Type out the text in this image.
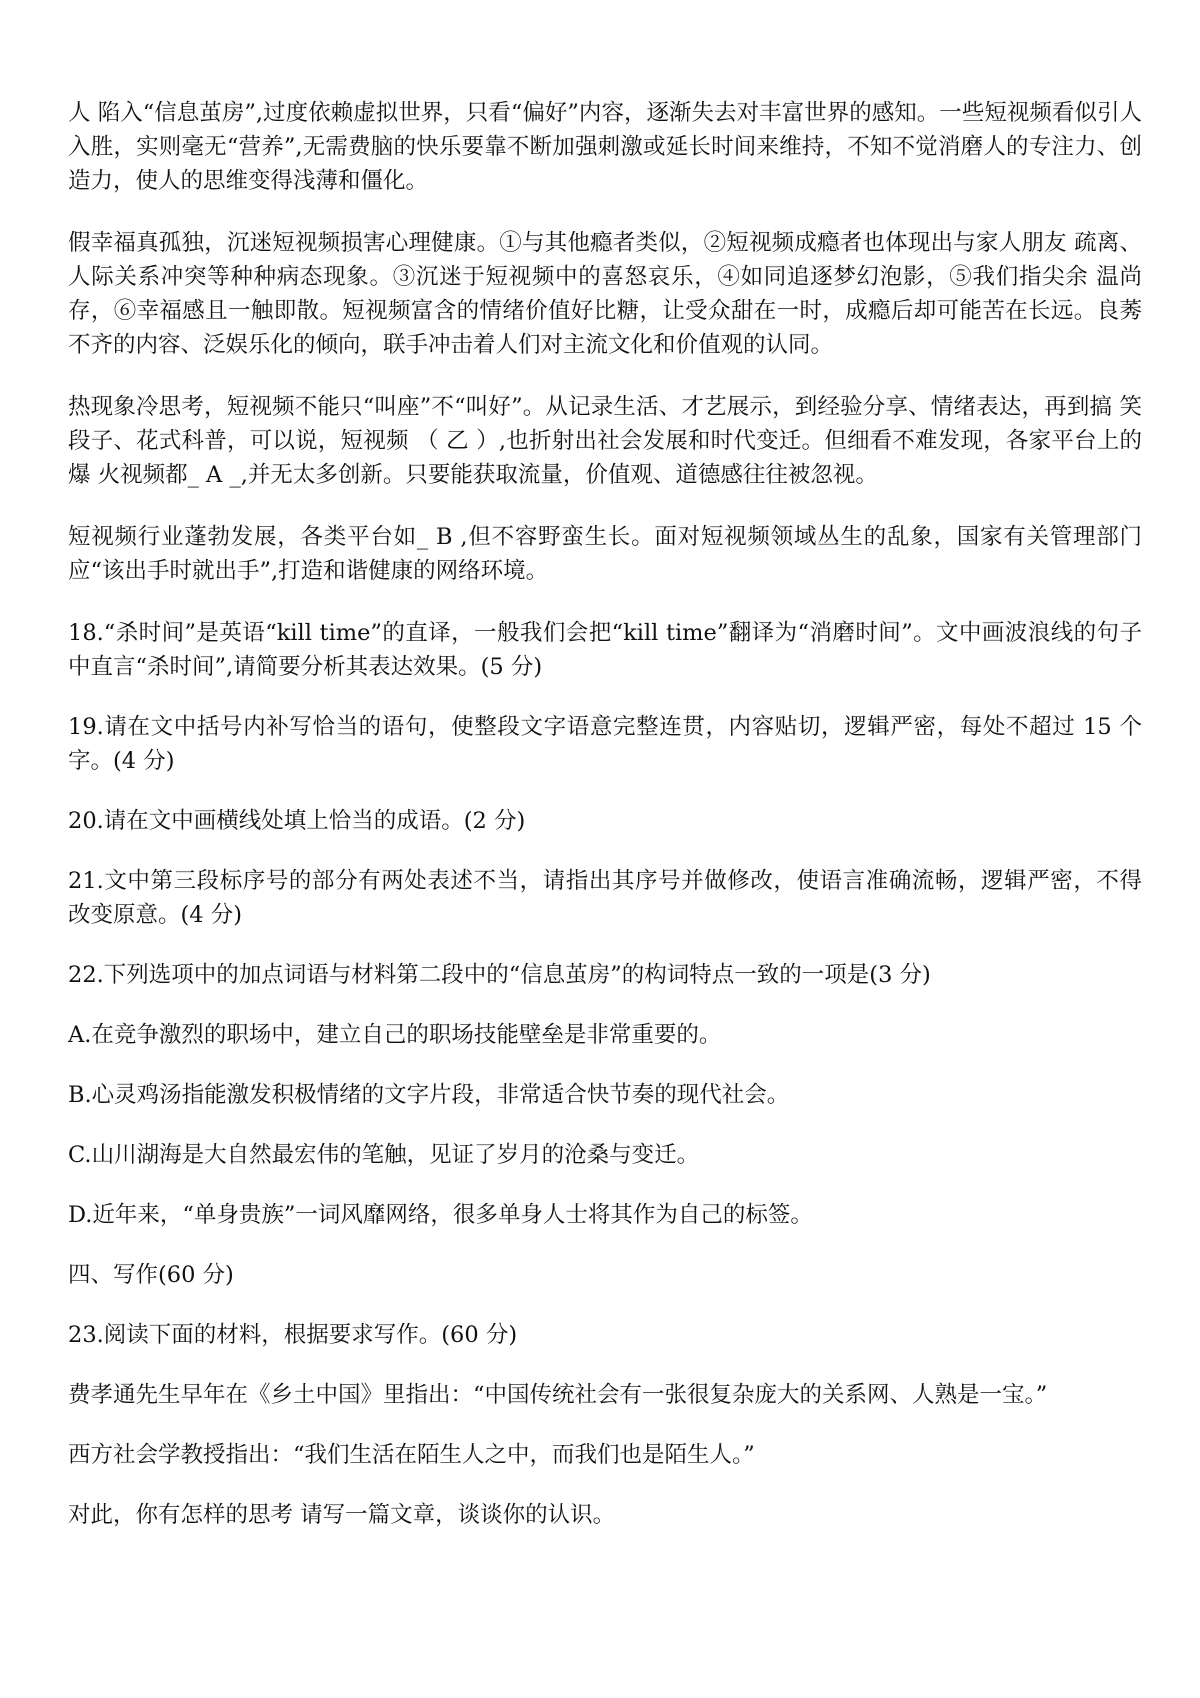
人 陷入“信息茧房”,过度依赖虚拟世界，只看“偏好”内容，逐渐失去对丰富世界的感知。一些短视频看似引人 入胜，实则毫无“营养”,无需费脑的快乐要靠不断加强刺激或延长时间来维持，不知不觉消磨人的专注力、创造力，使人的思维变得浅薄和僵化。

假幸福真孤独，沉迷短视频损害心理健康。①与其他瘾者类似，②短视频成瘾者也体现出与家人朋友 疏离、人际关系冲突等种种病态现象。③沉迷于短视频中的喜怒哀乐，④如同追逐梦幻泡影，⑤我们指尖余 温尚存，⑥幸福感且一触即散。短视频富含的情绪价值好比糖，让受众甜在一时，成瘾后却可能苦在长远。良莠不齐的内容、泛娱乐化的倾向，联手冲击着人们对主流文化和价值观的认同。

热现象冷思考，短视频不能只“叫座”不“叫好”。从记录生活、才艺展示，到经验分享、情绪表达，再到搞 笑段子、花式科普，可以说，短视频 （ 乙 ）,也折射出社会发展和时代变迁。但细看不难发现，各家平台上的爆 火视频都_ A _,并无太多创新。只要能获取流量，价值观、道德感往往被忽视。

短视频行业蓬勃发展，各类平台如_ B ,但不容野蛮生长。面对短视频领域丛生的乱象，国家有关管理部门应“该出手时就出手”,打造和谐健康的网络环境。

18.“杀时间”是英语“kill time”的直译，一般我们会把“kill time”翻译为“消磨时间”。文中画波浪线的句子中直言“杀时间”,请简要分析其表达效果。(5 分)

19.请在文中括号内补写恰当的语句，使整段文字语意完整连贯，内容贴切，逻辑严密，每处不超过 15 个字。(4 分)

20.请在文中画横线处填上恰当的成语。(2 分)

21.文中第三段标序号的部分有两处表述不当，请指出其序号并做修改，使语言准确流畅，逻辑严密，不得 改变原意。(4 分)

22.下列选项中的加点词语与材料第二段中的“信息茧房”的构词特点一致的一项是(3 分)

A.在竞争激烈的职场中，建立自己的职场技能壁垒是非常重要的。

B.心灵鸡汤指能激发积极情绪的文字片段，非常适合快节奏的现代社会。

C.山川湖海是大自然最宏伟的笔触，见证了岁月的沧桑与变迁。

D.近年来，“单身贵族”一词风靡网络，很多单身人士将其作为自己的标签。

四、写作(60 分)

23.阅读下面的材料，根据要求写作。(60 分)

费孝通先生早年在《乡土中国》里指出：“中国传统社会有一张很复杂庞大的关系网、人熟是一宝。”

西方社会学教授指出：“我们生活在陌生人之中，而我们也是陌生人。”

对此，你有怎样的思考 请写一篇文章，谈谈你的认识。
